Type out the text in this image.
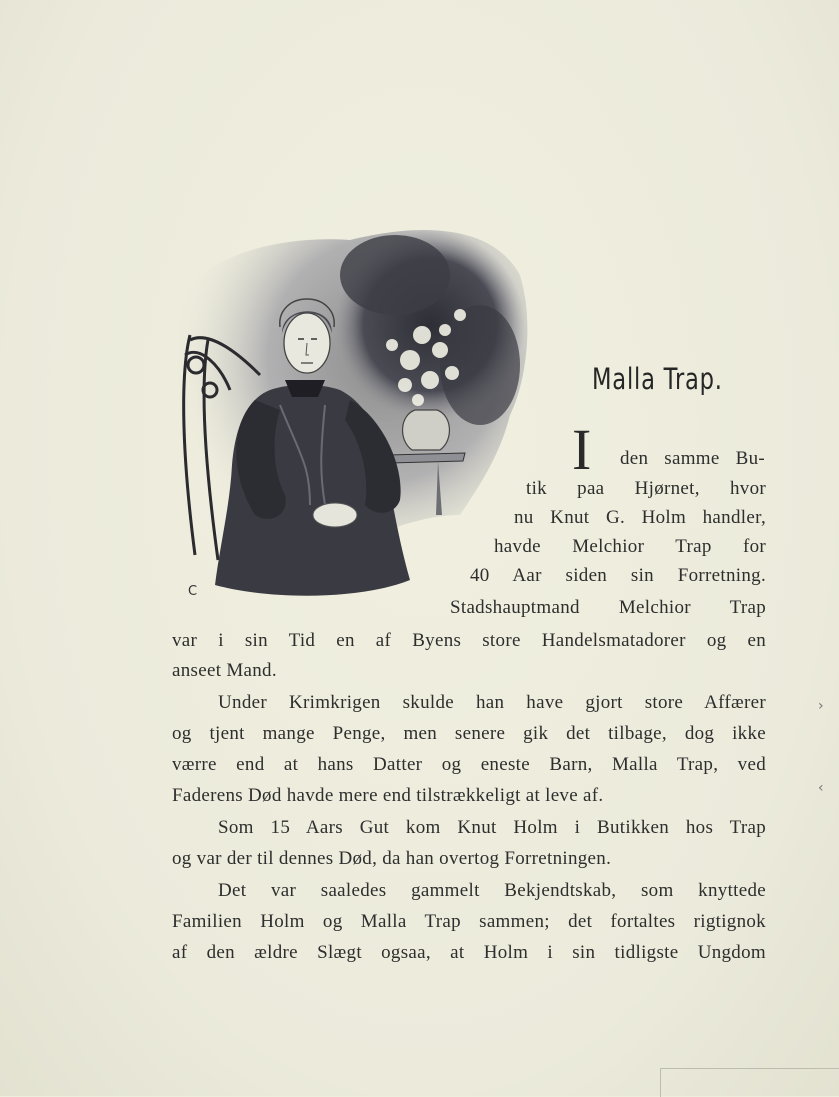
C
Malla Trap.
I den samme Bu-
tik paa Hjørnet, hvor
nu Knut G. Holm handler,
havde Melchior Trap for
40 Aar siden sin Forretning.
Stadshauptmand Melchior Trap
var i sin Tid en af Byens store Handelsmatadorer og en
anseet Mand.
Under Krimkrigen skulde han have gjort store Affærer
og tjent mange Penge, men senere gik det tilbage, dog ikke
værre end at hans Datter og eneste Barn, Malla Trap, ved
Faderens Død havde mere end tilstrækkeligt at leve af.
Som 15 Aars Gut kom Knut Holm i Butikken hos Trap
og var der til dennes Død, da han overtog Forretningen.
Det var saaledes gammelt Bekjendtskab, som knyttede
Familien Holm og Malla Trap sammen; det fortaltes rigtignok
af den ældre Slægt ogsaa, at Holm i sin tidligste Ungdom
›
‹
